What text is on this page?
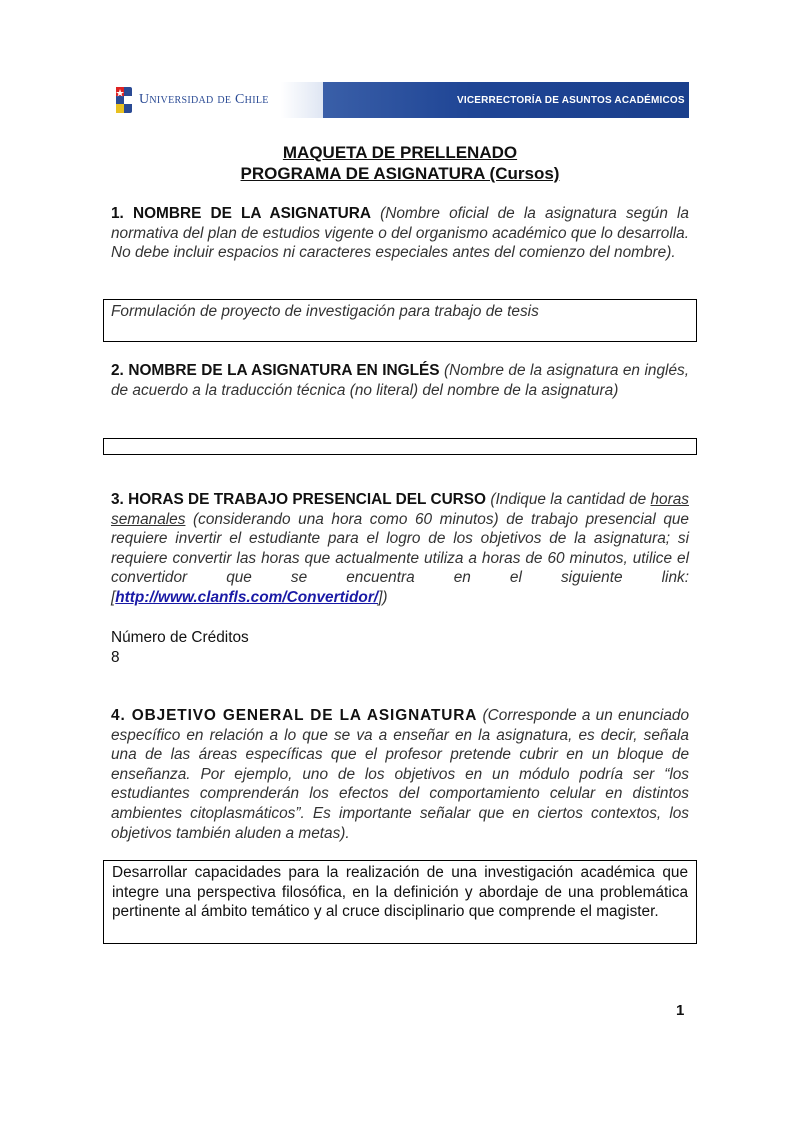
Universidad de Chile	VICERRECTORÍA DE ASUNTOS ACADÉMICOS
MAQUETA DE PRELLENADO
PROGRAMA DE ASIGNATURA (Cursos)
1. NOMBRE DE LA ASIGNATURA (Nombre oficial de la asignatura según la normativa del plan de estudios vigente o del organismo académico que lo desarrolla. No debe incluir espacios ni caracteres especiales antes del comienzo del nombre).
Formulación de proyecto de investigación para trabajo de tesis
2. NOMBRE DE LA ASIGNATURA EN INGLÉS (Nombre de la asignatura en inglés, de acuerdo a la traducción técnica (no literal) del nombre de la asignatura)
3. HORAS DE TRABAJO PRESENCIAL DEL CURSO (Indique la cantidad de horas semanales (considerando una hora como 60 minutos) de trabajo presencial que requiere invertir el estudiante para el logro de los objetivos de la asignatura; si requiere convertir las horas que actualmente utiliza a horas de 60 minutos, utilice el convertidor que se encuentra en el siguiente link: [http://www.clanfls.com/Convertidor/])
Número de Créditos
8
4. OBJETIVO GENERAL DE LA ASIGNATURA (Corresponde a un enunciado específico en relación a lo que se va a enseñar en la asignatura, es decir, señala una de las áreas específicas que el profesor pretende cubrir en un bloque de enseñanza. Por ejemplo, uno de los objetivos en un módulo podría ser “los estudiantes comprenderán los efectos del comportamiento celular en distintos ambientes citoplasmáticos”. Es importante señalar que en ciertos contextos, los objetivos también aluden a metas).
Desarrollar capacidades para la realización de una investigación académica que integre una perspectiva filosófica, en la definición y abordaje de una problemática pertinente al ámbito temático y al cruce disciplinario que comprende el magister.
1
